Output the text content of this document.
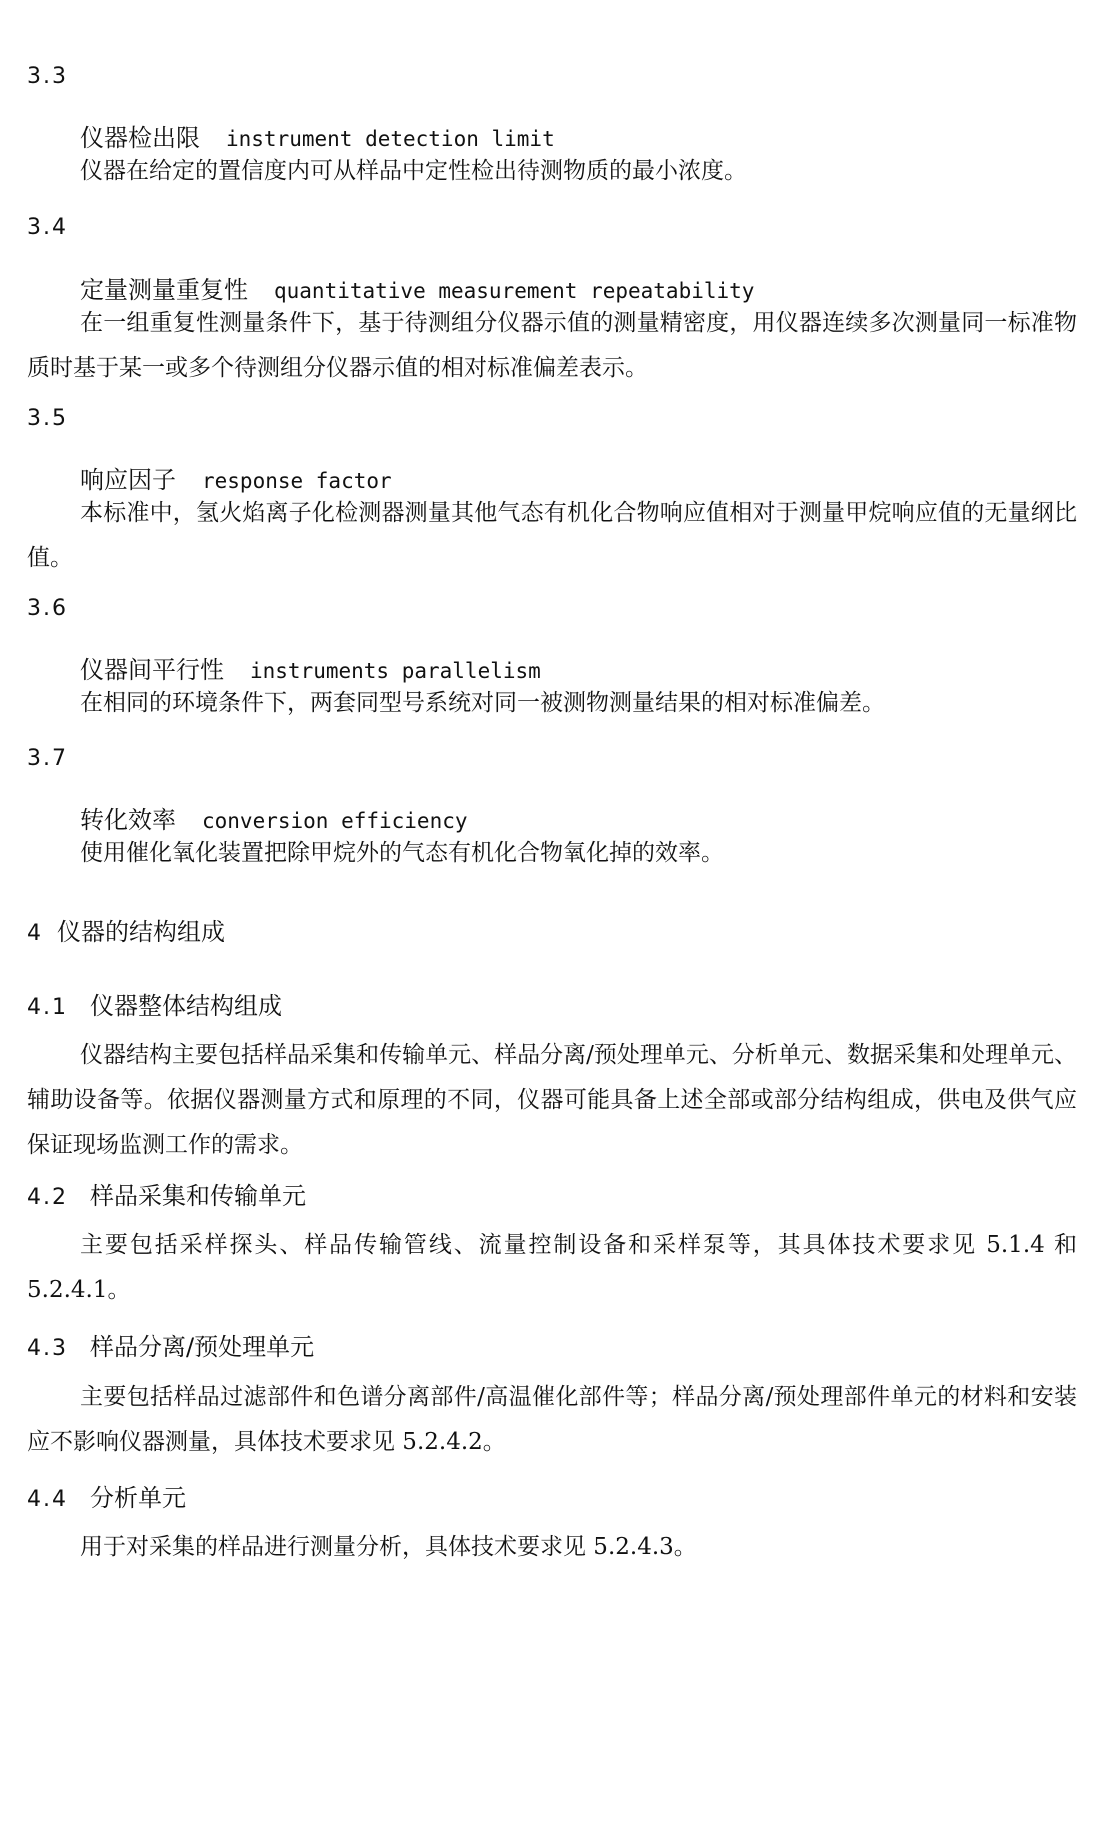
3.3
仪器检出限 instrument detection limit
仪器在给定的置信度内可从样品中定性检出待测物质的最小浓度。
3.4
定量测量重复性 quantitative measurement repeatability
在一组重复性测量条件下，基于待测组分仪器示值的测量精密度，用仪器连续多次测量同一标准物质时基于某一或多个待测组分仪器示值的相对标准偏差表示。
3.5
响应因子 response factor
本标准中，氢火焰离子化检测器测量其他气态有机化合物响应值相对于测量甲烷响应值的无量纲比值。
3.6
仪器间平行性 instruments parallelism
在相同的环境条件下，两套同型号系统对同一被测物测量结果的相对标准偏差。
3.7
转化效率 conversion efficiency
使用催化氧化装置把除甲烷外的气态有机化合物氧化掉的效率。
4 仪器的结构组成
4.1 仪器整体结构组成
仪器结构主要包括样品采集和传输单元、样品分离/预处理单元、分析单元、数据采集和处理单元、辅助设备等。依据仪器测量方式和原理的不同，仪器可能具备上述全部或部分结构组成，供电及供气应保证现场监测工作的需求。
4.2 样品采集和传输单元
主要包括采样探头、样品传输管线、流量控制设备和采样泵等，其具体技术要求见 5.1.4 和 5.2.4.1。
4.3 样品分离/预处理单元
主要包括样品过滤部件和色谱分离部件/高温催化部件等；样品分离/预处理部件单元的材料和安装应不影响仪器测量，具体技术要求见 5.2.4.2。
4.4 分析单元
用于对采集的样品进行测量分析，具体技术要求见 5.2.4.3。
